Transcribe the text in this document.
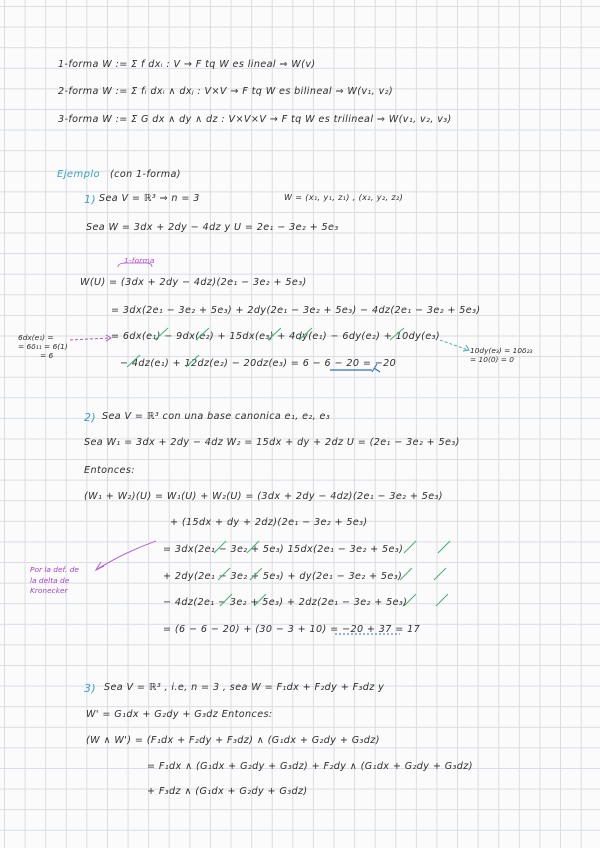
1-forma W := Σ f dxᵢ : V → F tq W es lineal ⇒ W(v)
2-forma W := Σ fᵢ dxᵢ ∧ dxⱼ : V×V → F tq W es bilineal ⇒ W(v₁, v₂)
3-forma W := Σ G dx ∧ dy ∧ dz : V×V×V → F tq W es trilineal ⇒ W(v₁, v₂, v₃)
Ejemplo (con 1-forma)
1) Sea V = ℝ³ ⇒ n = 3	W = (x₁, y₁, z₁) , (x₂, y₂, z₂)
Sea W = 3dx + 2dy − 4dz y U = 2e₁ − 3e₂ + 5e₃
1-forma
W(U) = (3dx + 2dy − 4dz)(2e₁ − 3e₂ + 5e₃)
= 3dx(2e₁ − 3e₂ + 5e₃) + 2dy(2e₁ − 3e₂ + 5e₃) − 4dz(2e₁ − 3e₂ + 5e₃)
= 6dx(e₁) − 9dx(e₂) + 15dx(e₃) + 4dy(e₁) − 6dy(e₂) + 10dy(e₃)
− 4dz(e₁) + 12dz(e₂) − 20dz(e₃) = 6 − 6 − 20 = −20
6dx(e₁) =
= 6δ₁₁ = 6(1)
= 6
10dy(e₃) = 10δ₂₃
= 10(0) = 0
2) Sea V = ℝ³ con una base canonica e₁, e₂, e₃
Sea W₁ = 3dx + 2dy − 4dz W₂ = 15dx + dy + 2dz U = (2e₁ − 3e₂ + 5e₃)
Entonces:
(W₁ + W₂)(U) = W₁(U) + W₂(U) = (3dx + 2dy − 4dz)(2e₁ − 3e₂ + 5e₃)
+ (15dx + dy + 2dz)(2e₁ − 3e₂ + 5e₃)
= 3dx(2e₁ − 3e₂ + 5e₃) 15dx(2e₁ − 3e₂ + 5e₃)
+ 2dy(2e₁ − 3e₂ + 5e₃) + dy(2e₁ − 3e₂ + 5e₃)
− 4dz(2e₁ − 3e₂ + 5e₃) + 2dz(2e₁ − 3e₂ + 5e₃)
= (6 − 6 − 20) + (30 − 3 + 10) = −20 + 37 = 17
Por la def. de
la delta de
Kronecker
3) Sea V = ℝ³ , i.e, n = 3 , sea W = F₁dx + F₂dy + F₃dz y
W' = G₁dx + G₂dy + G₃dz Entonces:
(W ∧ W') = (F₁dx + F₂dy + F₃dz) ∧ (G₁dx + G₂dy + G₃dz)
= F₁dx ∧ (G₁dx + G₂dy + G₃dz) + F₂dy ∧ (G₁dx + G₂dy + G₃dz)
+ F₃dz ∧ (G₁dx + G₂dy + G₃dz)
